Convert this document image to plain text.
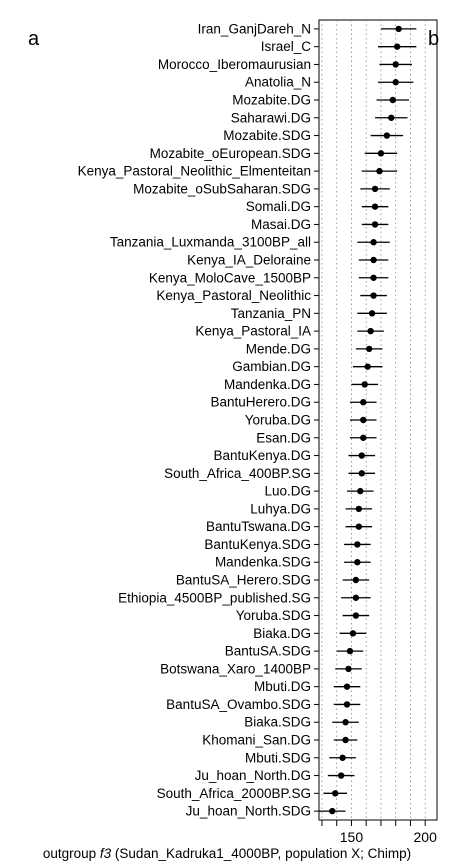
a	b
Iran_GanjDareh_N
Israel_C
Morocco_Iberomaurusian
Anatolia_N
Mozabite.DG
Saharawi.DG
Mozabite.SDG
Mozabite_oEuropean.SDG
Kenya_Pastoral_Neolithic_Elmenteitan
Mozabite_oSubSaharan.SDG
Somali.DG
Masai.DG
Tanzania_Luxmanda_3100BP_all
Kenya_IA_Deloraine
Kenya_MoloCave_1500BP
Kenya_Pastoral_Neolithic
Tanzania_PN
Kenya_Pastoral_IA
Mende.DG
Gambian.DG
Mandenka.DG
BantuHerero.DG
Yoruba.DG
Esan.DG
BantuKenya.DG
South_Africa_400BP.SG
Luo.DG
Luhya.DG
BantuTswana.DG
BantuKenya.SDG
Mandenka.SDG
BantuSA_Herero.SDG
Ethiopia_4500BP_published.SG
Yoruba.SDG
Biaka.DG
BantuSA.SDG
Botswana_Xaro_1400BP
Mbuti.DG
BantuSA_Ovambo.SDG
Biaka.SDG
Khomani_San.DG
Mbuti.SDG
Ju_hoan_North.DG
South_Africa_2000BP.SG
Ju_hoan_North.SDG
150	200
outgroup f3 (Sudan_Kadruka1_4000BP, population X; Chimp)
